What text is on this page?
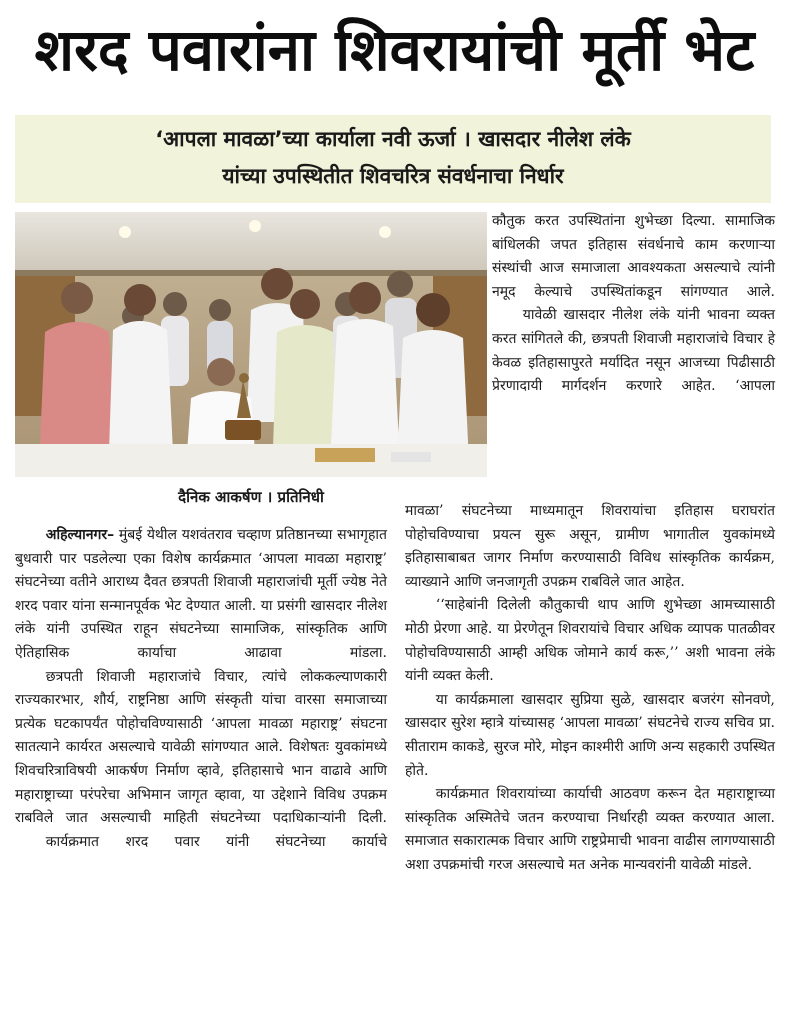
शरद पवारांना शिवरायांची मूर्ती भेट
‘आपला मावळा’च्या कार्याला नवी ऊर्जा । खासदार नीलेश लंके
यांच्या उपस्थितीत शिवचरित्र संवर्धनाचा निर्धार
दैनिक आकर्षण । प्रतिनिधी

अहिल्यानगर– मुंबई येथील यशवंतराव चव्हाण प्रतिष्ठानच्या सभागृहात बुधवारी पार पडलेल्या एका विशेष कार्यक्रमात ‘आपला मावळा महाराष्ट्र’ संघटनेच्या वतीने आराध्य दैवत छत्रपती शिवाजी महाराजांची मूर्ती ज्येष्ठ नेते शरद पवार यांना सन्मानपूर्वक भेट देण्यात आली. या प्रसंगी खासदार नीलेश लंके यांनी उपस्थित राहून संघटनेच्या सामाजिक, सांस्कृतिक आणि ऐतिहासिक कार्याचा आढावा मांडला.

छत्रपती शिवाजी महाराजांचे विचार, त्यांचे लोककल्याणकारी राज्यकारभार, शौर्य, राष्ट्रनिष्ठा आणि संस्कृती यांचा वारसा समाजाच्या प्रत्येक घटकापर्यंत पोहोचविण्यासाठी ‘आपला मावळा महाराष्ट्र’ संघटना सातत्याने कार्यरत असल्याचे यावेळी सांगण्यात आले. विशेषतः युवकांमध्ये शिवचरित्राविषयी आकर्षण निर्माण व्हावे, इतिहासाचे भान वाढावे आणि महाराष्ट्राच्या परंपरेचा अभिमान जागृत व्हावा, या उद्देशाने विविध उपक्रम राबविले जात असल्याची माहिती संघटनेच्या पदाधिकाऱ्यांनी दिली.

कार्यक्रमात शरद पवार यांनी संघटनेच्या कार्याचे

कौतुक करत उपस्थितांना शुभेच्छा दिल्या. सामाजिक बांधिलकी जपत इतिहास संवर्धनाचे काम करणाऱ्या संस्थांची आज समाजाला आवश्यकता असल्याचे त्यांनी नमूद केल्याचे उपस्थितांकडून सांगण्यात आले.

यावेळी खासदार नीलेश लंके यांनी भावना व्यक्त करत सांगितले की, छत्रपती शिवाजी महाराजांचे विचार हे केवळ इतिहासापुरते मर्यादित नसून आजच्या पिढीसाठी प्रेरणादायी मार्गदर्शन करणारे आहेत. ‘आपला

मावळा’ संघटनेच्या माध्यमातून शिवरायांचा इतिहास घराघरांत पोहोचविण्याचा प्रयत्न सुरू असून, ग्रामीण भागातील युवकांमध्ये इतिहासाबाबत जागर निर्माण करण्यासाठी विविध सांस्कृतिक कार्यक्रम, व्याख्याने आणि जनजागृती उपक्रम राबविले जात आहेत.

‘‘साहेबांनी दिलेली कौतुकाची थाप आणि शुभेच्छा आमच्यासाठी मोठी प्रेरणा आहे. या प्रेरणेतून शिवरायांचे विचार अधिक व्यापक पातळीवर पोहोचविण्यासाठी आम्ही अधिक जोमाने कार्य करू,’’ अशी भावना लंके यांनी व्यक्त केली.

या कार्यक्रमाला खासदार सुप्रिया सुळे, खासदार बजरंग सोनवणे, खासदार सुरेश म्हात्रे यांच्यासह ‘आपला मावळा’ संघटनेचे राज्य सचिव प्रा. सीताराम काकडे, सुरज मोरे, मोइन काश्मीरी आणि अन्य सहकारी उपस्थित होते.

कार्यक्रमात शिवरायांच्या कार्याची आठवण करून देत महाराष्ट्राच्या सांस्कृतिक अस्मितेचे जतन करण्याचा निर्धारही व्यक्त करण्यात आला. समाजात सकारात्मक विचार आणि राष्ट्रप्रेमाची भावना वाढीस लागण्यासाठी अशा उपक्रमांची गरज असल्याचे मत अनेक मान्यवरांनी यावेळी मांडले.
